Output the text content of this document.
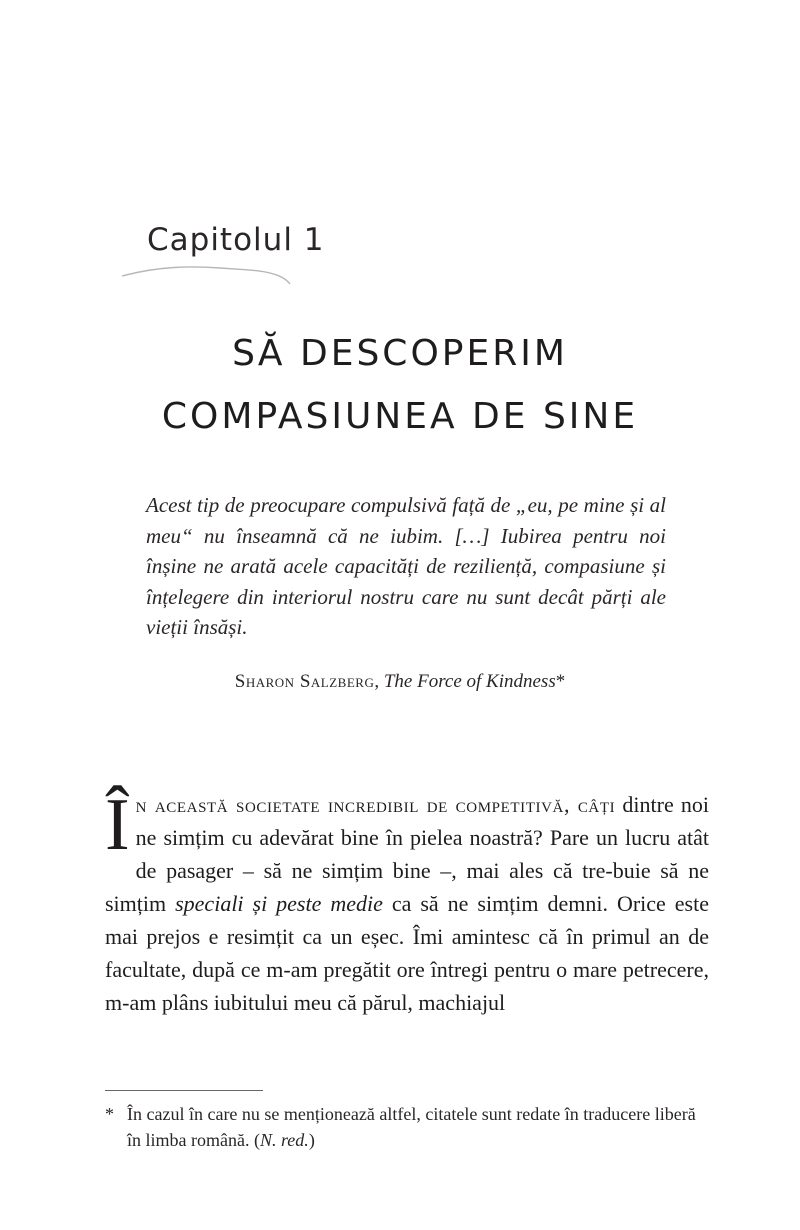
Capitolul 1
SĂ DESCOPERIM
COMPASIUNEA DE SINE

Acest tip de preocupare compulsivă față de „eu, pe mine și al meu“ nu înseamnă că ne iubim. […] Iubirea pentru noi înșine ne arată acele capacități de reziliență, compasiune și înțelegere din interiorul nostru care nu sunt decât părți ale vieții însăși.

Sharon Salzberg, The Force of Kindness*

În această societate incredibil de competitivă, câți dintre noi ne simțim cu adevărat bine în pielea noastră? Pare un lucru atât de pasager – să ne simțim bine –, mai ales că tre-buie să ne simțim speciali și peste medie ca să ne simțim demni. Orice este mai prejos e resimțit ca un eșec. Îmi amintesc că în primul an de facultate, după ce m-am pregătit ore întregi pentru o mare petrecere, m-am plâns iubitului meu că părul, machiajul

* În cazul în care nu se menționează altfel, citatele sunt redate în traducere liberă în limba română. (N. red.)
